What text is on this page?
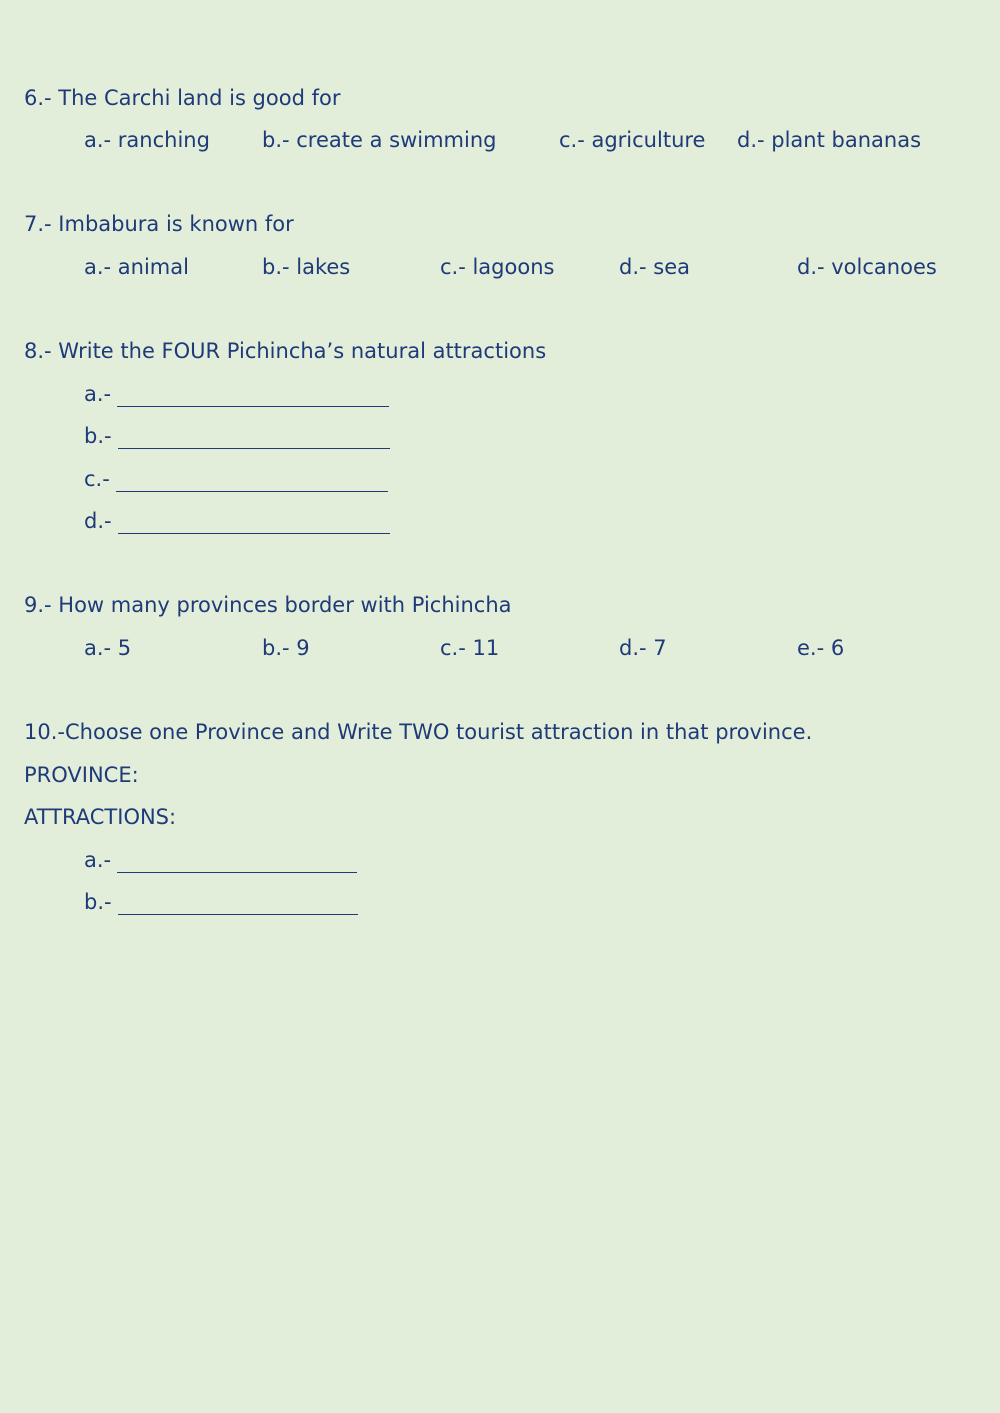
6.- The Carchi land is good for
a.- ranching b.- create a swimming	c.- agriculture d.- plant bananas
7.- Imbabura is known for
a.- animal	b.- lakes	c.- lagoons	d.- sea	d.- volcanoes
8.- Write the FOUR Pichincha’s natural attractions
a.-
b.-
c.-
d.-
9.- How many provinces border with Pichincha
a.- 5	b.- 9	c.- 11	d.- 7	e.- 6
10.-Choose one Province and Write TWO tourist attraction in that province.
PROVINCE:
ATTRACTIONS:
a.-
b.-
